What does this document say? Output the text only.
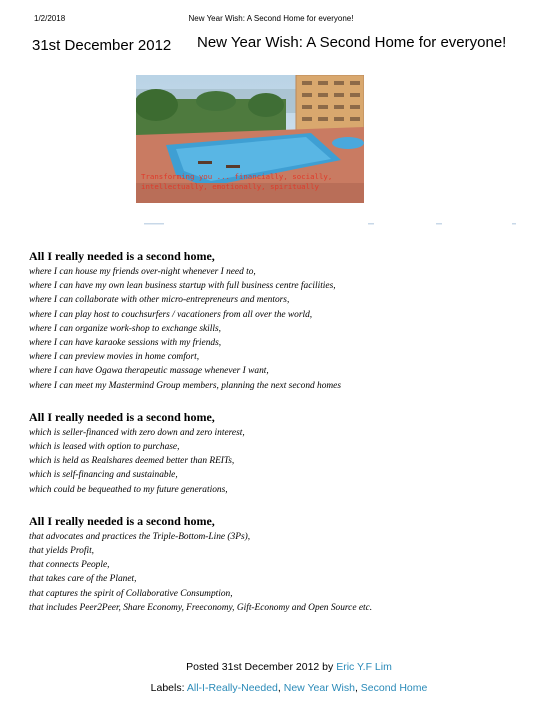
1/2/2018	New Year Wish: A Second Home for everyone!
31st December 2012 New Year Wish: A Second Home for everyone!
Transforming you ... financially, socially,
intellectually, emotionally, spiritually
All I really needed is a second home,
where I can house my friends over-night whenever I need to,
where I can have my own lean business startup with full business centre facilities,
where I can collaborate with other micro-entrepreneurs and mentors,
where I can play host to couchsurfers / vacationers from all over the world,
where I can organize work-shop to exchange skills,
where I can have karaoke sessions with my friends,
where I can preview movies in home comfort,
where I can have Ogawa therapeutic massage whenever I want,
where I can meet my Mastermind Group members, planning the next second homes
All I really needed is a second home,
which is seller-financed with zero down and zero interest,
which is leased with option to purchase,
which is held as Realshares deemed better than REITs,
which is self-financing and sustainable,
which could be bequeathed to my future generations,
All I really needed is a second home,
that advocates and practices the Triple-Bottom-Line (3Ps),
that yields Profit,
that connects People,
that takes care of the Planet,
that captures the spirit of Collaborative Consumption,
that includes Peer2Peer, Share Economy, Freeconomy, Gift-Economy and Open Source etc.
Posted 31st December 2012 by Eric Y.F Lim
Labels: All-I-Really-Needed, New Year Wish, Second Home
